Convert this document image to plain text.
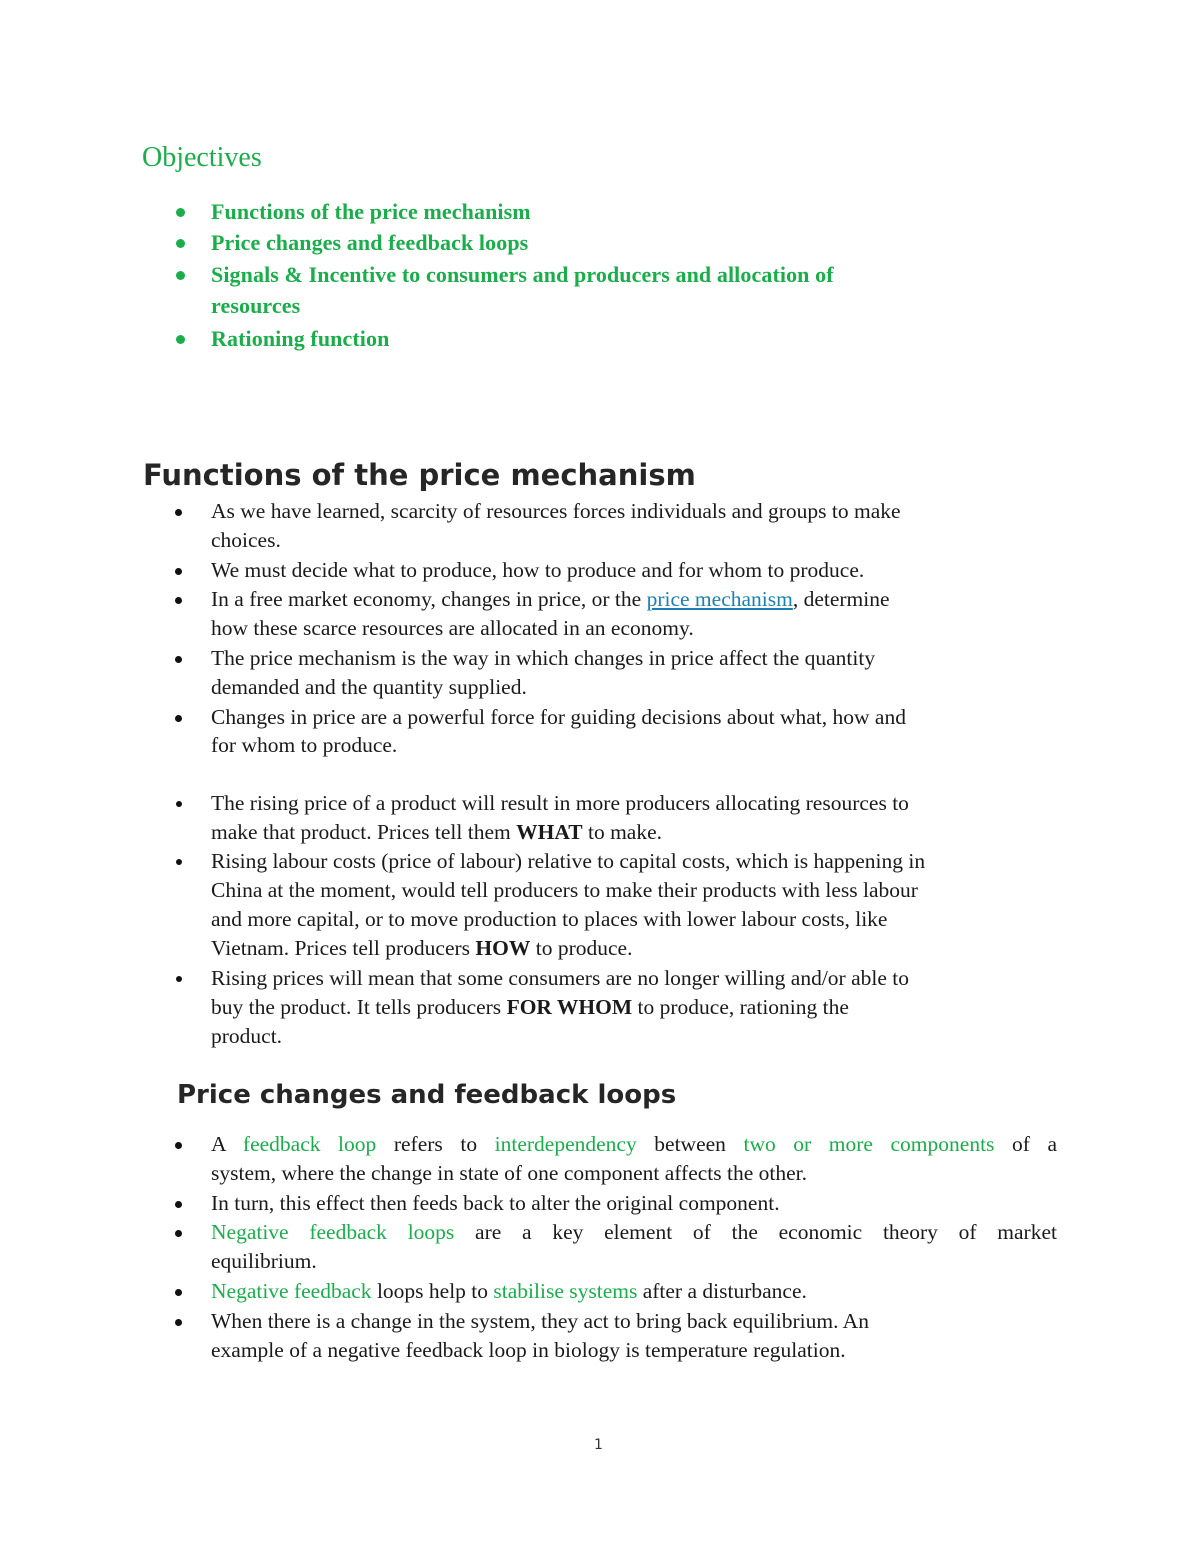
Objectives
Functions of the price mechanism
Price changes and feedback loops
Signals & Incentive to consumers and producers and allocation of
resources
Rationing function
Functions of the price mechanism
As we have learned, scarcity of resources forces individuals and groups to make
choices.
We must decide what to produce, how to produce and for whom to produce.
In a free market economy, changes in price, or the price mechanism, determine
how these scarce resources are allocated in an economy.
The price mechanism is the way in which changes in price affect the quantity
demanded and the quantity supplied.
Changes in price are a powerful force for guiding decisions about what, how and
for whom to produce.
The rising price of a product will result in more producers allocating resources to
make that product. Prices tell them WHAT to make.
Rising labour costs (price of labour) relative to capital costs, which is happening in
China at the moment, would tell producers to make their products with less labour
and more capital, or to move production to places with lower labour costs, like
Vietnam. Prices tell producers HOW to produce.
Rising prices will mean that some consumers are no longer willing and/or able to
buy the product. It tells producers FOR WHOM to produce, rationing the
product.
Price changes and feedback loops
A feedback loop refers to interdependency between two or more components of a
system, where the change in state of one component affects the other.
In turn, this effect then feeds back to alter the original component.
Negative feedback loops are a key element of the economic theory of market
equilibrium.
Negative feedback loops help to stabilise systems after a disturbance.
When there is a change in the system, they act to bring back equilibrium. An
example of a negative feedback loop in biology is temperature regulation.
1
